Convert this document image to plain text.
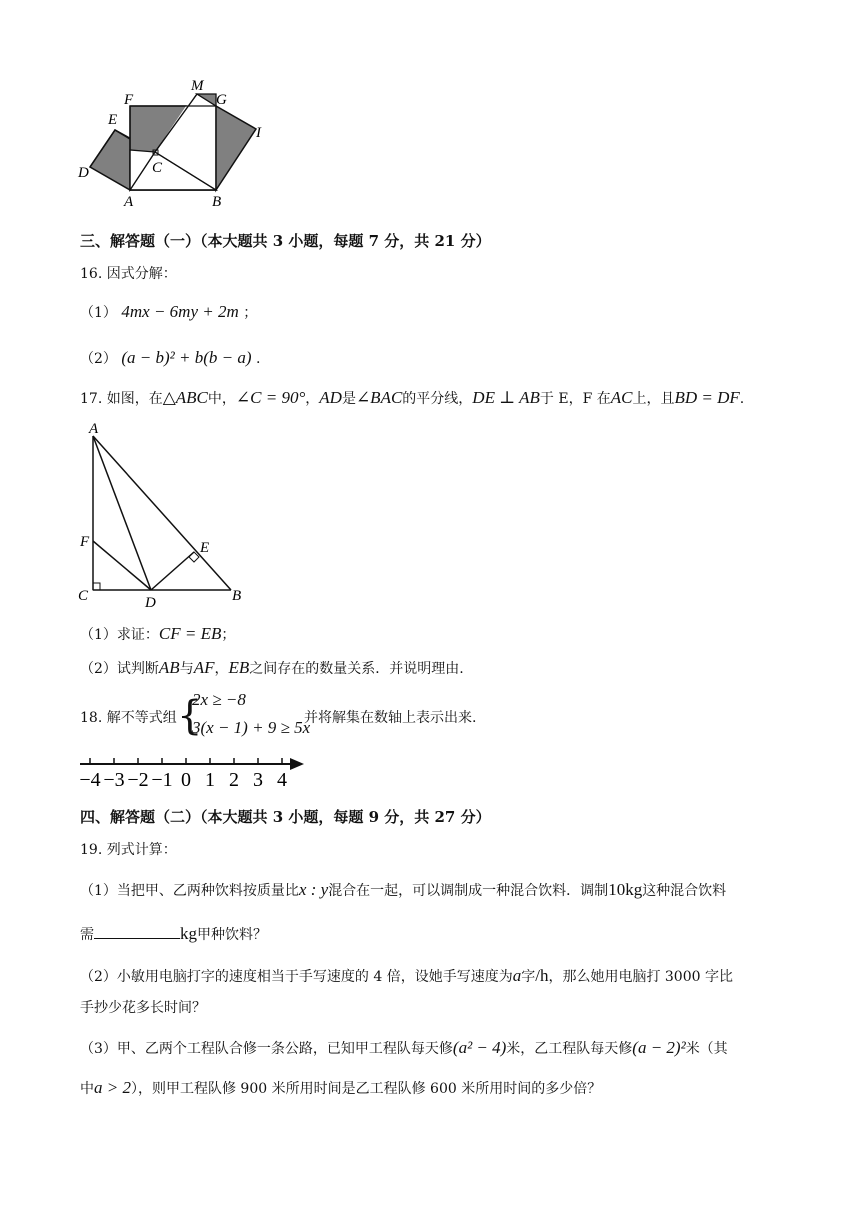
F
M
G
E
I
D	C
A	B
三、解答题（一）（本大题共 3 小题，每题 7 分，共 21 分）
16. 因式分解：
（1） 4mx − 6my + 2m ；
（2） (a − b)² + b(b − a) .
17. 如图，在△ABC中，∠C = 90°，AD是∠BAC的平分线，DE ⊥ AB于 E，F 在AC上，且BD = DF.
A
F	E
C	D	B
（1）求证：CF = EB；
（2）试判断AB与AF，EB之间存在的数量关系．并说明理由.
18. 解不等式组 {
2x ≥ −8
3(x − 1) + 9 ≥ 5x
并将解集在数轴上表示出来.
−4 −3 −2 −1 0 1 2 3 4
四、解答题（二）（本大题共 3 小题，每题 9 分，共 27 分）
19. 列式计算：
（1）当把甲、乙两种饮料按质量比x : y混合在一起，可以调制成一种混合饮料．调制10kg这种混合饮料
需	kg甲种饮料？
（2）小敏用电脑打字的速度相当于手写速度的 4 倍，设她手写速度为a字/h，那么她用电脑打 3000 字比
手抄少花多长时间？
（3）甲、乙两个工程队合修一条公路，已知甲工程队每天修(a² − 4)米，乙工程队每天修(a − 2)²米（其
中a > 2），则甲工程队修 900 米所用时间是乙工程队修 600 米所用时间的多少倍？
